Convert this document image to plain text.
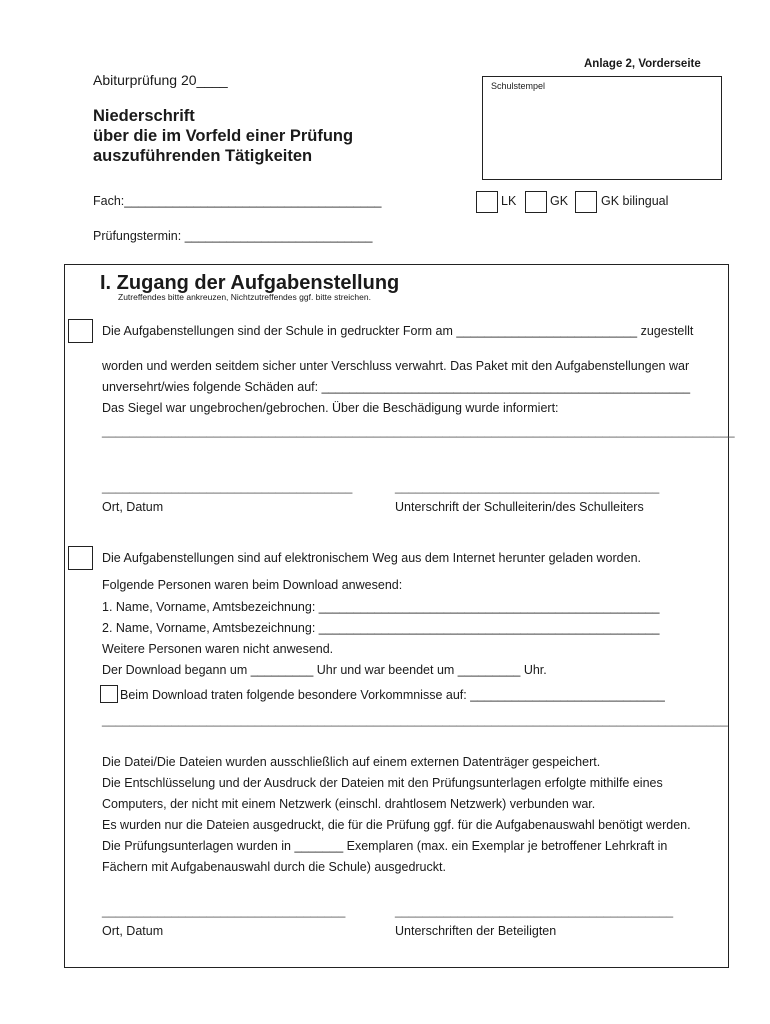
Anlage 2, Vorderseite
Abiturprüfung 20____
Niederschrift
über die im Vorfeld einer Prüfung
auszuführenden Tätigkeiten
Schulstempel
Fach:_____________________________________
Prüfungstermin: ___________________________
LK	GK	GK bilingual
I. Zugang der Aufgabenstellung
Zutreffendes bitte ankreuzen, Nichtzutreffendes ggf. bitte streichen.
Die Aufgabenstellungen sind der Schule in gedruckter Form am __________________________ zugestellt
worden und werden seitdem sicher unter Verschluss verwahrt. Das Paket mit den Aufgabenstellungen war
unversehrt/wies folgende Schäden auf: _____________________________________________________
Das Siegel war ungebrochen/gebrochen. Über die Beschädigung wurde informiert:
___________________________________________________________________________________________
____________________________________	______________________________________
Ort, Datum	Unterschrift der Schulleiterin/des Schulleiters
Die Aufgabenstellungen sind auf elektronischem Weg aus dem Internet herunter geladen worden.
Folgende Personen waren beim Download anwesend:
1. Name, Vorname, Amtsbezeichnung: _________________________________________________
2. Name, Vorname, Amtsbezeichnung: _________________________________________________
Weitere Personen waren nicht anwesend.
Der Download begann um _________ Uhr und war beendet um _________ Uhr.
Beim Download traten folgende besondere Vorkommnisse auf: ____________________________
__________________________________________________________________________________________
Die Datei/Die Dateien wurden ausschließlich auf einem externen Datenträger gespeichert.
Die Entschlüsselung und der Ausdruck der Dateien mit den Prüfungsunterlagen erfolgte mithilfe eines
Computers, der nicht mit einem Netzwerk (einschl. drahtlosem Netzwerk) verbunden war.
Es wurden nur die Dateien ausgedruckt, die für die Prüfung ggf. für die Aufgabenauswahl benötigt werden.
Die Prüfungsunterlagen wurden in _______ Exemplaren (max. ein Exemplar je betroffener Lehrkraft in
Fächern mit Aufgabenauswahl durch die Schule) ausgedruckt.
___________________________________	________________________________________
Ort, Datum	Unterschriften der Beteiligten
